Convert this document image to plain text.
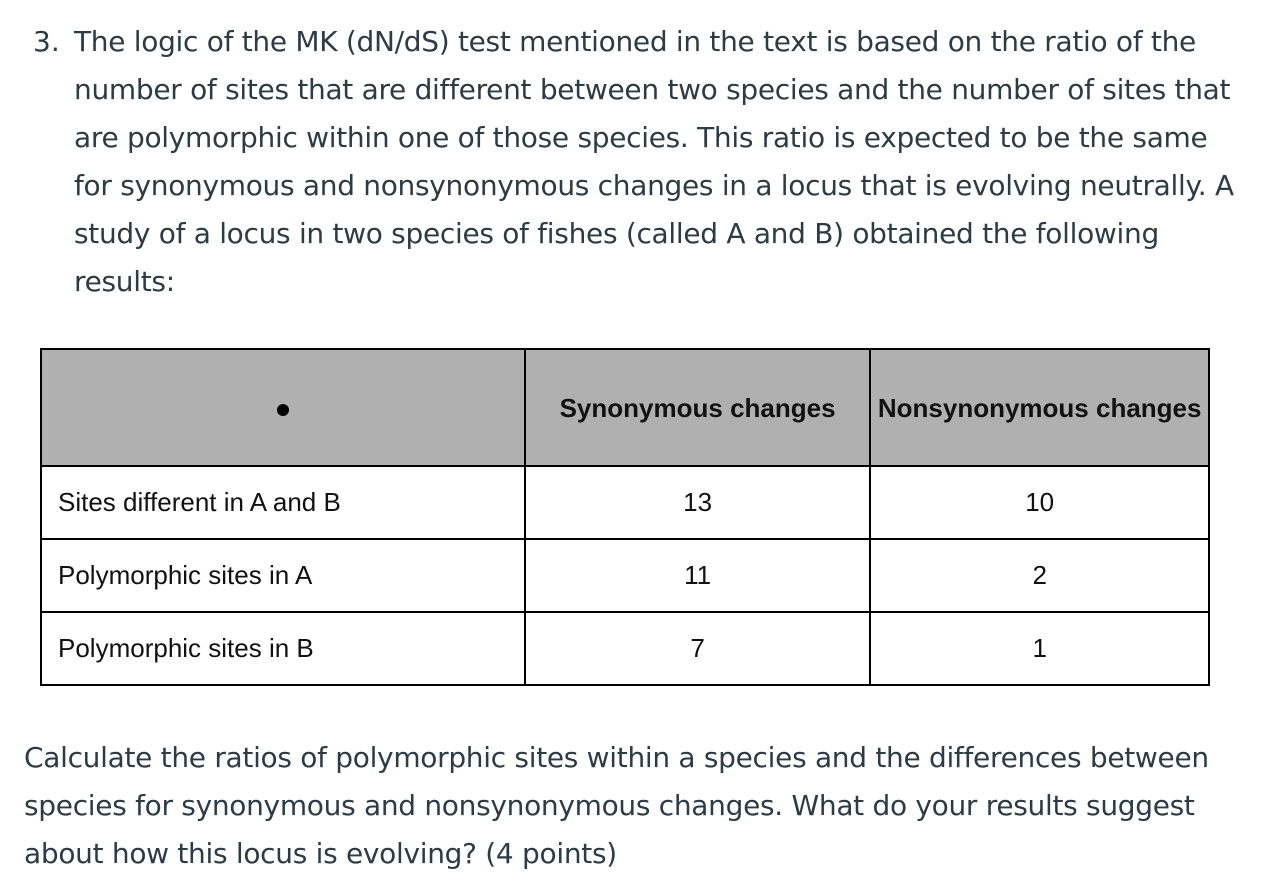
3. The logic of the MK (dN/dS) test mentioned in the text is based on the ratio of the number of sites that are different between two species and the number of sites that are polymorphic within one of those species. This ratio is expected to be the same for synonymous and nonsynonymous changes in a locus that is evolving neutrally. A study of a locus in two species of fishes (called A and B) obtained the following results:
	Synonymous changes	Nonsynonymous changes
Sites different in A and B	13	10
Polymorphic sites in A	11	2
Polymorphic sites in B	7	1
Calculate the ratios of polymorphic sites within a species and the differences between species for synonymous and nonsynonymous changes. What do your results suggest about how this locus is evolving? (4 points)
